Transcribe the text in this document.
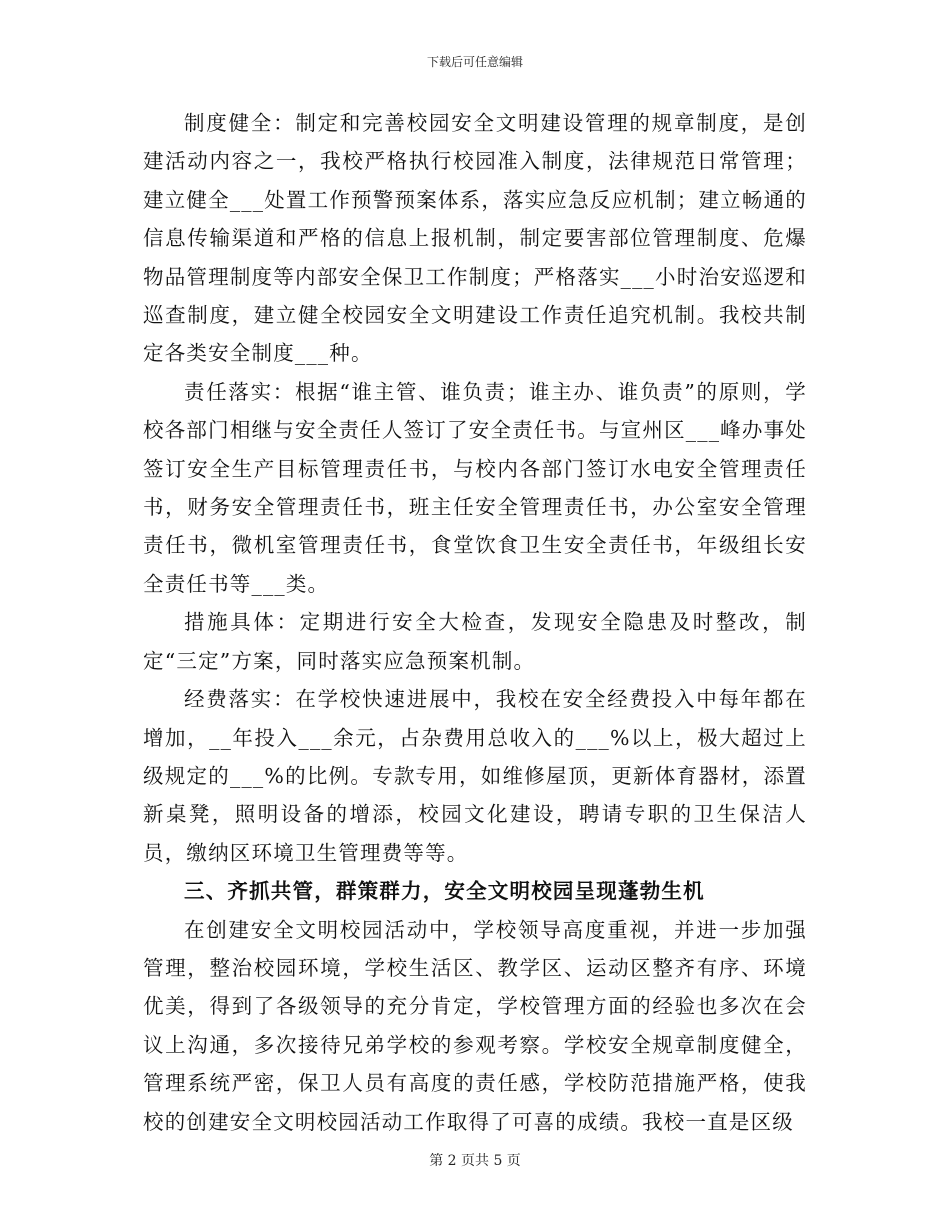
下载后可任意编辑

制度健全：制定和完善校园安全文明建设管理的规章制度，是创建活动内容之一，我校严格执行校园准入制度，法律规范日常管理；建立健全___处置工作预警预案体系，落实应急反应机制；建立畅通的信息传输渠道和严格的信息上报机制，制定要害部位管理制度、危爆物品管理制度等内部安全保卫工作制度；严格落实___小时治安巡逻和巡查制度，建立健全校园安全文明建设工作责任追究机制。我校共制定各类安全制度___种。

责任落实：根据“谁主管、谁负责；谁主办、谁负责”的原则，学校各部门相继与安全责任人签订了安全责任书。与宣州区___峰办事处签订安全生产目标管理责任书，与校内各部门签订水电安全管理责任书，财务安全管理责任书，班主任安全管理责任书，办公室安全管理责任书，微机室管理责任书，食堂饮食卫生安全责任书，年级组长安全责任书等___类。

措施具体：定期进行安全大检查，发现安全隐患及时整改，制定“三定”方案，同时落实应急预案机制。

经费落实：在学校快速进展中，我校在安全经费投入中每年都在增加，__年投入___余元，占杂费用总收入的___%以上，极大超过上级规定的___%的比例。专款专用，如维修屋顶，更新体育器材，添置新桌凳，照明设备的增添，校园文化建设，聘请专职的卫生保洁人员，缴纳区环境卫生管理费等等。

三、齐抓共管，群策群力，安全文明校园呈现蓬勃生机

在创建安全文明校园活动中，学校领导高度重视，并进一步加强管理，整治校园环境，学校生活区、教学区、运动区整齐有序、环境优美，得到了各级领导的充分肯定，学校管理方面的经验也多次在会议上沟通，多次接待兄弟学校的参观考察。学校安全规章制度健全，管理系统严密，保卫人员有高度的责任感，学校防范措施严格，使我校的创建安全文明校园活动工作取得了可喜的成绩。我校一直是区级

第 2 页共 5 页
